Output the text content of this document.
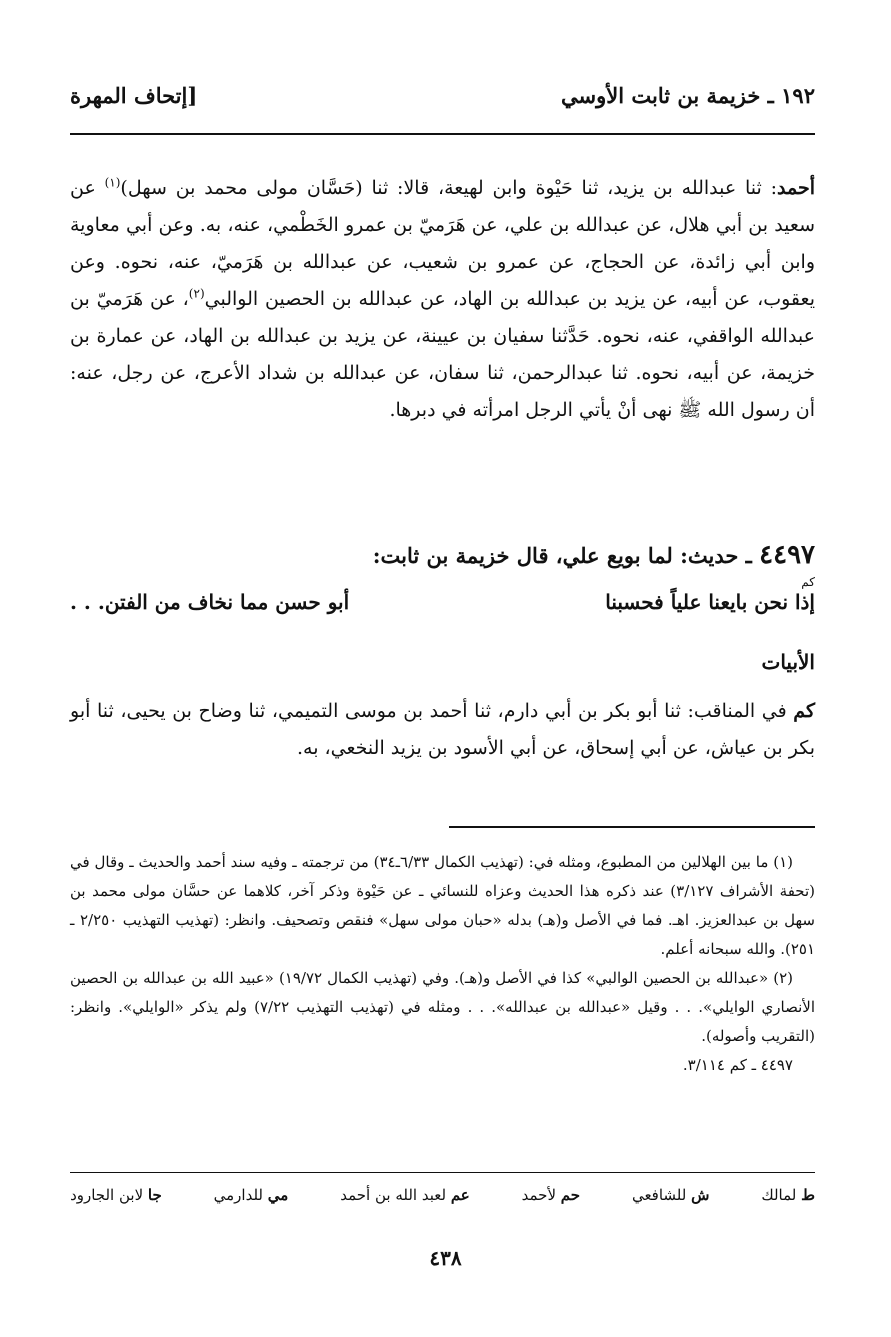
١٩٢ ـ خزيمة بن ثابت الأوسي
[إتحاف المهرة

أحمد: ثنا عبدالله بن يزيد، ثنا حَيْوة وابن لهيعة، قالا: ثنا (حَسَّان مولى محمد بن سهل)$^{(١)}$ عن سعيد بن أبي هلال، عن عبدالله بن علي، عن هَرَميّ بن عمرو الخَطْمي، عنه، به. وعن أبي معاوية وابن أبي زائدة، عن الحجاج، عن عمرو بن شعيب، عن عبدالله بن هَرَميّ، عنه، نحوه. وعن يعقوب، عن أبيه، عن يزيد بن عبدالله بن الهاد، عن عبدالله بن الحصين الوالبي$^{(٢)}$، عن هَرَميّ بن عبدالله الواقفي، عنه، نحوه. حَدَّثنا سفيان بن عيينة، عن يزيد بن عبدالله بن الهاد، عن عمارة بن خزيمة، عن أبيه، نحوه. ثنا عبدالرحمن، ثنا سفان، عن عبدالله بن شداد الأعرج، عن رجل، عنه: أن رسول الله ﷺ نهى أنْ يأتي الرجل امرأته في دبرها.

٤٤٩٧ ـ حديث: لما بويع علي، قال خزيمة بن ثابت:
كم
إذا نحن بايعنا علياً فحسبنا
أبو حسن مما نخاف من الفتن. . .
الأبيات

كم في المناقب: ثنا أبو بكر بن أبي دارم، ثنا أحمد بن موسى التميمي، ثنا وضاح بن يحيى، ثنا أبو بكر بن عياش، عن أبي إسحاق، عن أبي الأسود بن يزيد النخعي، به.

(١) ما بين الهلالين من المطبوع، ومثله في: (تهذيب الكمال ٦/٣٣ـ٣٤) من ترجمته ـ وفيه سند أحمد والحديث ـ وقال في (تحفة الأشراف ٣/١٢٧) عند ذكره هذا الحديث وعزاه للنسائي ـ عن حَيْوة وذكر آخر، كلاهما عن حسَّان مولى محمد بن سهل بن عبدالعزيز. اهـ. فما في الأصل و(هـ) بدله «حبان مولى سهل» فنقص وتصحيف. وانظر: (تهذيب التهذيب ٢/٢٥٠ ـ ٢٥١). والله سبحانه أعلم.

(٢) «عبدالله بن الحصين الوالبي» كذا في الأصل و(هـ). وفي (تهذيب الكمال ١٩/٧٢) «عبيد الله بن عبدالله بن الحصين الأنصاري الوايلي». . . وقيل «عبدالله بن عبدالله». . . ومثله في (تهذيب التهذيب ٧/٢٢) ولم يذكر «الوايلي». وانظر: (التقريب وأصوله).

٤٤٩٧ ـ كم ٣/١١٤.

ط لمالك
ش للشافعي
حم لأحمد
عم لعبد الله بن أحمد
مي للدارمي
جا لابن الجارود
٤٣٨
